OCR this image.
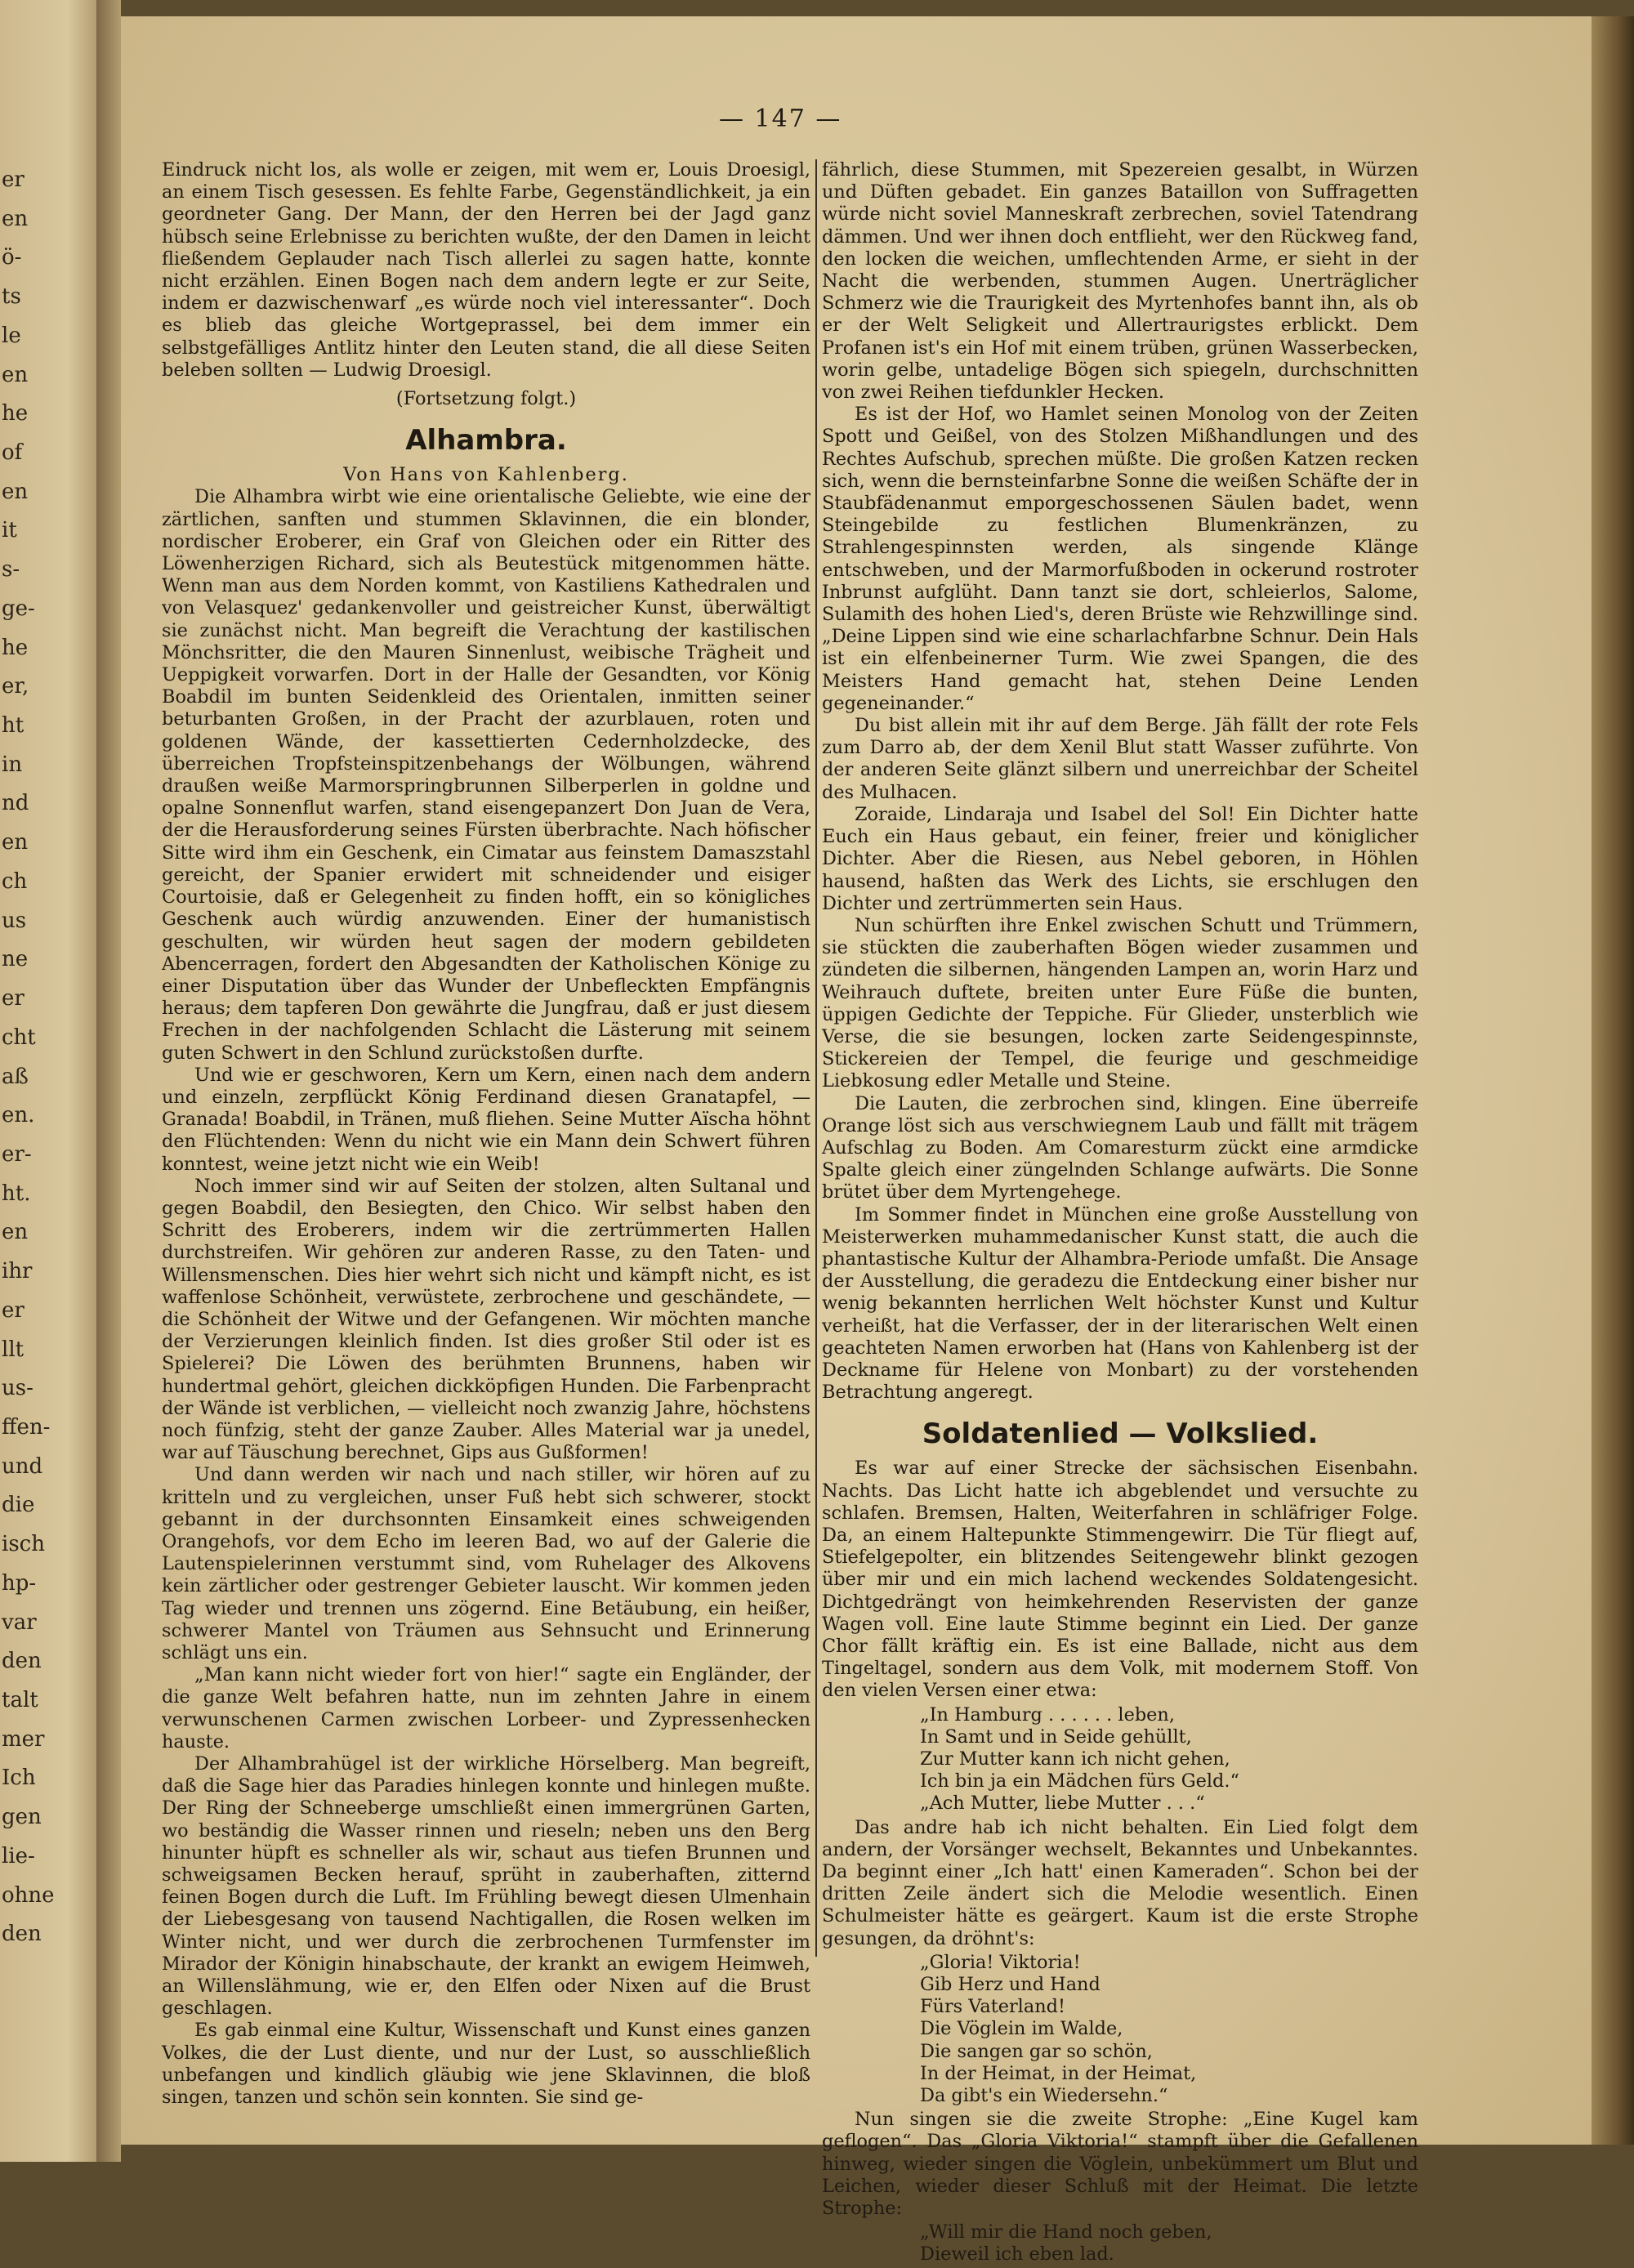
er
en
ö-
ts
le
en
he
of
en
it
s-
ge-
he
er,
ht
in
nd
en
ch
us
ne
er
cht
aß
en.
er-
ht.
en
ihr
er
llt
us-
ffen-
und
die
isch
hp-
var
den
talt
mer
Ich
gen
lie-
ohne
den
— 147 —

Eindruck nicht los, als wolle er zeigen, mit wem er, Louis Droesigl, an einem Tisch gesessen. Es fehlte Farbe, Gegenständlichkeit, ja ein geordneter Gang. Der Mann, der den Herren bei der Jagd ganz hübsch seine Erlebnisse zu berichten wußte, der den Damen in leicht fließendem Geplauder nach Tisch allerlei zu sagen hatte, konnte nicht erzählen. Einen Bogen nach dem andern legte er zur Seite, indem er dazwischenwarf „es würde noch viel interessanter“. Doch es blieb das gleiche Wortgeprassel, bei dem immer ein selbstgefälliges Antlitz hinter den Leuten stand, die all diese Seiten beleben sollten — Ludwig Droesigl.

(Fortsetzung folgt.)
Alhambra.
Von Hans von Kahlenberg.

Die Alhambra wirbt wie eine orientalische Geliebte, wie eine der zärtlichen, sanften und stummen Sklavinnen, die ein blonder, nordischer Eroberer, ein Graf von Gleichen oder ein Ritter des Löwenherzigen Richard, sich als Beutestück mitgenommen hätte. Wenn man aus dem Norden kommt, von Kastiliens Kathedralen und von Velasquez' gedankenvoller und geistreicher Kunst, überwältigt sie zunächst nicht. Man begreift die Verachtung der kastilischen Mönchsritter, die den Mauren Sinnenlust, weibische Trägheit und Ueppigkeit vorwarfen. Dort in der Halle der Gesandten, vor König Boabdil im bunten Seidenkleid des Orientalen, inmitten seiner beturbanten Großen, in der Pracht der azurblauen, roten und goldenen Wände, der kassettierten Cedernholzdecke, des überreichen Tropfsteinspitzenbehangs der Wölbungen, während draußen weiße Marmorspringbrunnen Silberperlen in goldne und opalne Sonnenflut warfen, stand eisengepanzert Don Juan de Vera, der die Herausforderung seines Fürsten überbrachte. Nach höfischer Sitte wird ihm ein Geschenk, ein Cimatar aus feinstem Damaszstahl gereicht, der Spanier erwidert mit schneidender und eisiger Courtoisie, daß er Gelegenheit zu finden hofft, ein so königliches Geschenk auch würdig anzuwenden. Einer der humanistisch geschulten, wir würden heut sagen der modern gebildeten Abencerragen, fordert den Abgesandten der Katholischen Könige zu einer Disputation über das Wunder der Unbefleckten Empfängnis heraus; dem tapferen Don gewährte die Jungfrau, daß er just diesem Frechen in der nachfolgenden Schlacht die Lästerung mit seinem guten Schwert in den Schlund zurückstoßen durfte.

Und wie er geschworen, Kern um Kern, einen nach dem andern und einzeln, zerpflückt König Ferdinand diesen Granatapfel, — Granada! Boabdil, in Tränen, muß fliehen. Seine Mutter Aïscha höhnt den Flüchtenden: Wenn du nicht wie ein Mann dein Schwert führen konntest, weine jetzt nicht wie ein Weib!

Noch immer sind wir auf Seiten der stolzen, alten Sultanal und gegen Boabdil, den Besiegten, den Chico. Wir selbst haben den Schritt des Eroberers, indem wir die zertrümmerten Hallen durchstreifen. Wir gehören zur anderen Rasse, zu den Taten- und Willensmenschen. Dies hier wehrt sich nicht und kämpft nicht, es ist waffenlose Schönheit, verwüstete, zerbrochene und geschändete, — die Schönheit der Witwe und der Gefangenen. Wir möchten manche der Verzierungen kleinlich finden. Ist dies großer Stil oder ist es Spielerei? Die Löwen des berühmten Brunnens, haben wir hundertmal gehört, gleichen dickköpfigen Hunden. Die Farbenpracht der Wände ist verblichen, — vielleicht noch zwanzig Jahre, höchstens noch fünfzig, steht der ganze Zauber. Alles Material war ja unedel, war auf Täuschung berechnet, Gips aus Gußformen!

Und dann werden wir nach und nach stiller, wir hören auf zu kritteln und zu vergleichen, unser Fuß hebt sich schwerer, stockt gebannt in der durchsonnten Einsamkeit eines schweigenden Orangehofs, vor dem Echo im leeren Bad, wo auf der Galerie die Lautenspielerinnen verstummt sind, vom Ruhelager des Alkovens kein zärtlicher oder gestrenger Gebieter lauscht. Wir kommen jeden Tag wieder und trennen uns zögernd. Eine Betäubung, ein heißer, schwerer Mantel von Träumen aus Sehnsucht und Erinnerung schlägt uns ein.

„Man kann nicht wieder fort von hier!“ sagte ein Engländer, der die ganze Welt befahren hatte, nun im zehnten Jahre in einem verwunschenen Carmen zwischen Lorbeer- und Zypressenhecken hauste.

Der Alhambrahügel ist der wirkliche Hörselberg. Man begreift, daß die Sage hier das Paradies hinlegen konnte und hinlegen mußte. Der Ring der Schneeberge umschließt einen immergrünen Garten, wo beständig die Wasser rinnen und rieseln; neben uns den Berg hinunter hüpft es schneller als wir, schaut aus tiefen Brunnen und schweigsamen Becken herauf, sprüht in zauberhaften, zitternd feinen Bogen durch die Luft. Im Frühling bewegt diesen Ulmenhain der Liebesgesang von tausend Nachtigallen, die Rosen welken im Winter nicht, und wer durch die zerbrochenen Turmfenster im Mirador der Königin hinabschaute, der krankt an ewigem Heimweh, an Willenslähmung, wie er, den Elfen oder Nixen auf die Brust geschlagen.

Es gab einmal eine Kultur, Wissenschaft und Kunst eines ganzen Volkes, die der Lust diente, und nur der Lust, so ausschließlich unbefangen und kindlich gläubig wie jene Sklavinnen, die bloß singen, tanzen und schön sein konnten. Sie sind ge-

fährlich, diese Stummen, mit Spezereien gesalbt, in Würzen und Düften gebadet. Ein ganzes Bataillon von Suffragetten würde nicht soviel Manneskraft zerbrechen, soviel Tatendrang dämmen. Und wer ihnen doch entflieht, wer den Rückweg fand, den locken die weichen, umflechtenden Arme, er sieht in der Nacht die werbenden, stummen Augen. Unerträglicher Schmerz wie die Traurigkeit des Myrtenhofes bannt ihn, als ob er der Welt Seligkeit und Allertraurigstes erblickt. Dem Profanen ist's ein Hof mit einem trüben, grünen Wasserbecken, worin gelbe, untadelige Bögen sich spiegeln, durchschnitten von zwei Reihen tiefdunkler Hecken.

Es ist der Hof, wo Hamlet seinen Monolog von der Zeiten Spott und Geißel, von des Stolzen Mißhandlungen und des Rechtes Aufschub, sprechen müßte. Die großen Katzen recken sich, wenn die bernsteinfarbne Sonne die weißen Schäfte der in Staubfädenanmut emporgeschossenen Säulen badet, wenn Steingebilde zu festlichen Blumenkränzen, zu Strahlengespinnsten werden, als singende Klänge entschweben, und der Marmorfußboden in ockerund rostroter Inbrunst aufglüht. Dann tanzt sie dort, schleierlos, Salome, Sulamith des hohen Lied's, deren Brüste wie Rehzwillinge sind. „Deine Lippen sind wie eine scharlachfarbne Schnur. Dein Hals ist ein elfenbeinerner Turm. Wie zwei Spangen, die des Meisters Hand gemacht hat, stehen Deine Lenden gegeneinander.“

Du bist allein mit ihr auf dem Berge. Jäh fällt der rote Fels zum Darro ab, der dem Xenil Blut statt Wasser zuführte. Von der anderen Seite glänzt silbern und unerreichbar der Scheitel des Mulhacen.

Zoraide, Lindaraja und Isabel del Sol! Ein Dichter hatte Euch ein Haus gebaut, ein feiner, freier und königlicher Dichter. Aber die Riesen, aus Nebel geboren, in Höhlen hausend, haßten das Werk des Lichts, sie erschlugen den Dichter und zertrümmerten sein Haus.

Nun schürften ihre Enkel zwischen Schutt und Trümmern, sie stückten die zauberhaften Bögen wieder zusammen und zündeten die silbernen, hängenden Lampen an, worin Harz und Weihrauch duftete, breiten unter Eure Füße die bunten, üppigen Gedichte der Teppiche. Für Glieder, unsterblich wie Verse, die sie besungen, locken zarte Seidengespinnste, Stickereien der Tempel, die feurige und geschmeidige Liebkosung edler Metalle und Steine.

Die Lauten, die zerbrochen sind, klingen. Eine überreife Orange löst sich aus verschwiegnem Laub und fällt mit trägem Aufschlag zu Boden. Am Comaresturm zückt eine armdicke Spalte gleich einer züngelnden Schlange aufwärts. Die Sonne brütet über dem Myrtengehege.

Im Sommer findet in München eine große Ausstellung von Meisterwerken muhammedanischer Kunst statt, die auch die phantastische Kultur der Alhambra-Periode umfaßt. Die Ansage der Ausstellung, die geradezu die Entdeckung einer bisher nur wenig bekannten herrlichen Welt höchster Kunst und Kultur verheißt, hat die Verfasser, der in der literarischen Welt einen geachteten Namen erworben hat (Hans von Kahlenberg ist der Deckname für Helene von Monbart) zu der vorstehenden Betrachtung angeregt.

Soldatenlied — Volkslied.

Es war auf einer Strecke der sächsischen Eisenbahn. Nachts. Das Licht hatte ich abgeblendet und versuchte zu schlafen. Bremsen, Halten, Weiterfahren in schläfriger Folge. Da, an einem Haltepunkte Stimmengewirr. Die Tür fliegt auf, Stiefelgepolter, ein blitzendes Seitengewehr blinkt gezogen über mir und ein mich lachend weckendes Soldatengesicht. Dichtgedrängt von heimkehrenden Reservisten der ganze Wagen voll. Eine laute Stimme beginnt ein Lied. Der ganze Chor fällt kräftig ein. Es ist eine Ballade, nicht aus dem Tingeltagel, sondern aus dem Volk, mit modernem Stoff. Von den vielen Versen einer etwa:

„In Hamburg . . . . . . leben,
In Samt und in Seide gehüllt,
Zur Mutter kann ich nicht gehen,
Ich bin ja ein Mädchen fürs Geld.“
„Ach Mutter, liebe Mutter . . .“

Das andre hab ich nicht behalten. Ein Lied folgt dem andern, der Vorsänger wechselt, Bekanntes und Unbekanntes. Da beginnt einer „Ich hatt' einen Kameraden“. Schon bei der dritten Zeile ändert sich die Melodie wesentlich. Einen Schulmeister hätte es geärgert. Kaum ist die erste Strophe gesungen, da dröhnt's:

„Gloria! Viktoria!
Gib Herz und Hand
Fürs Vaterland!
Die Vöglein im Walde,
Die sangen gar so schön,
In der Heimat, in der Heimat,
Da gibt's ein Wiedersehn.“

Nun singen sie die zweite Strophe: „Eine Kugel kam geflogen“. Das „Gloria Viktoria!“ stampft über die Gefallenen hinweg, wieder singen die Vöglein, unbekümmert um Blut und Leichen, wieder dieser Schluß mit der Heimat. Die letzte Strophe:

„Will mir die Hand noch geben,
Dieweil ich eben lad.
